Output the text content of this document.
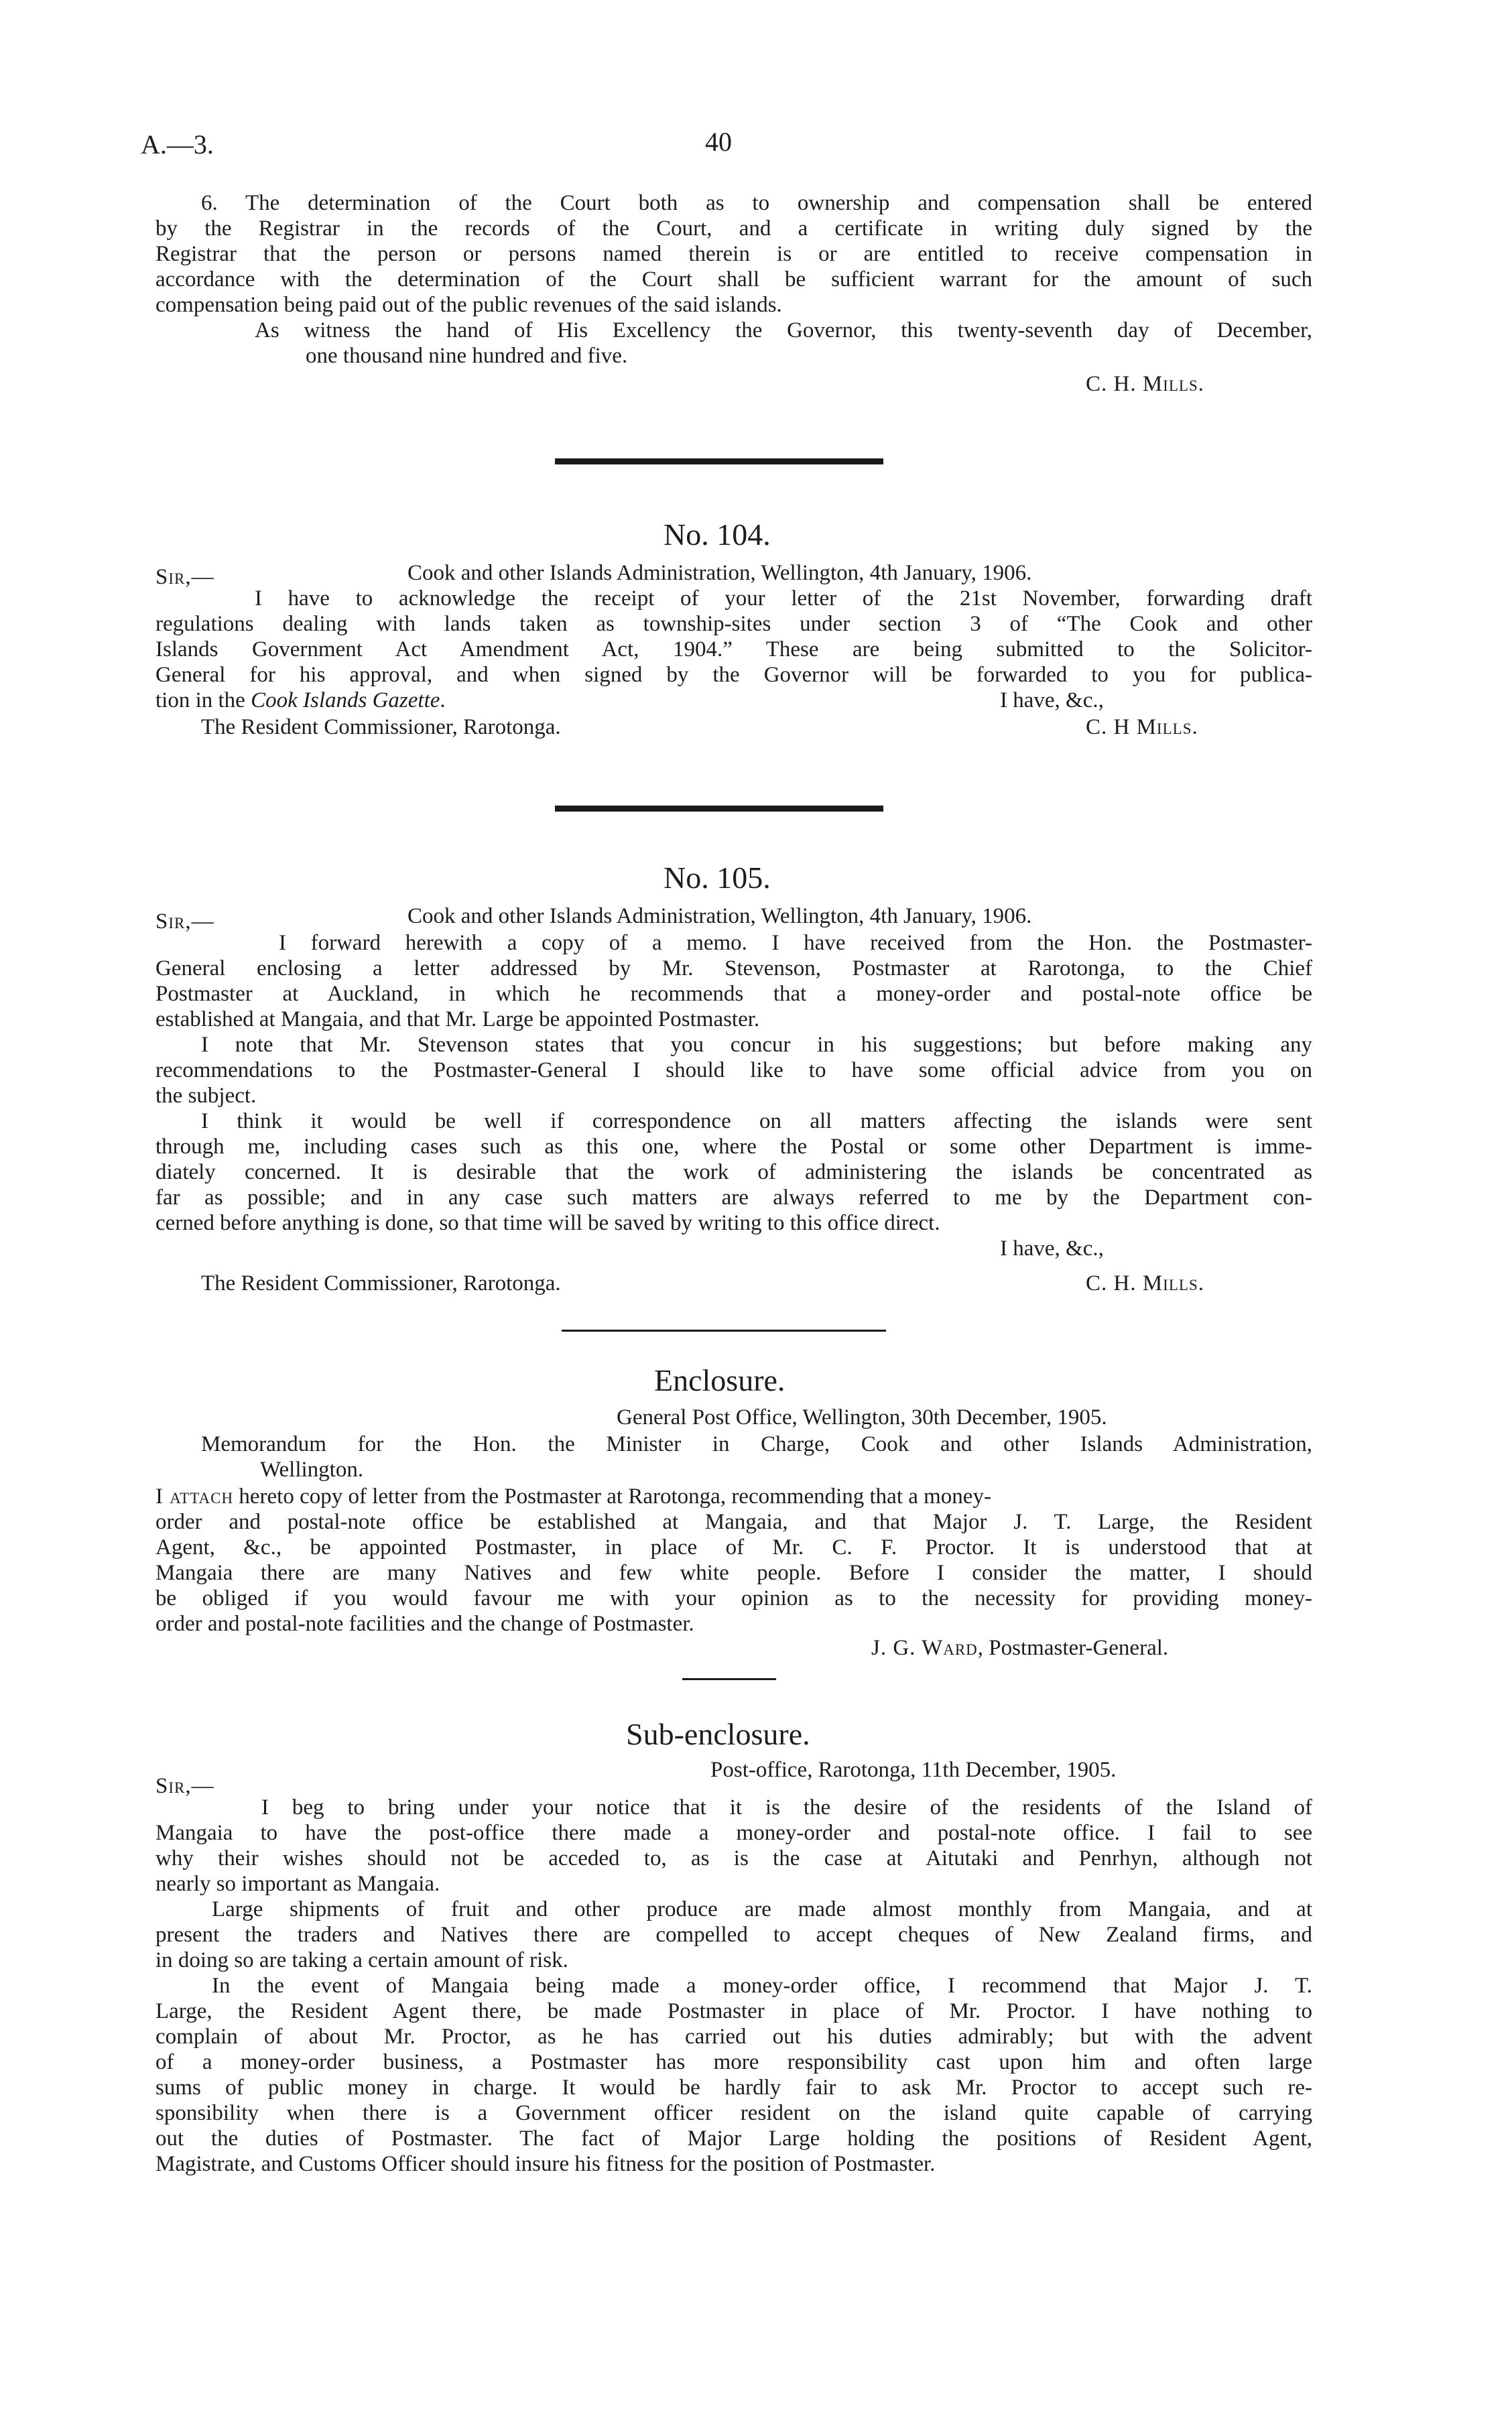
A.—3.	40
6. The determination of the Court both as to ownership and compensation shall be entered
by the Registrar in the records of the Court, and a certificate in writing duly signed by the
Registrar that the person or persons named therein is or are entitled to receive compensation in
accordance with the determination of the Court shall be sufficient warrant for the amount of such
compensation being paid out of the public revenues of the said islands.
As witness the hand of His Excellency the Governor, this twenty-seventh day of December,
one thousand nine hundred and five.
C. H. Mills.
No. 104.
Sir,—	Cook and other Islands Administration, Wellington, 4th January, 1906.
I have to acknowledge the receipt of your letter of the 21st November, forwarding draft
regulations dealing with lands taken as township-sites under section 3 of “The Cook and other
Islands Government Act Amendment Act, 1904.” These are being submitted to the Solicitor-
General for his approval, and when signed by the Governor will be forwarded to you for publica-
tion in the Cook Islands Gazette.	I have, &c.,
The Resident Commissioner, Rarotonga.	C. H Mills.
No. 105.
Sir,—	Cook and other Islands Administration, Wellington, 4th January, 1906.
I forward herewith a copy of a memo. I have received from the Hon. the Postmaster-
General enclosing a letter addressed by Mr. Stevenson, Postmaster at Rarotonga, to the Chief
Postmaster at Auckland, in which he recommends that a money-order and postal-note office be
established at Mangaia, and that Mr. Large be appointed Postmaster.
I note that Mr. Stevenson states that you concur in his suggestions; but before making any
recommendations to the Postmaster-General I should like to have some official advice from you on
the subject.
I think it would be well if correspondence on all matters affecting the islands were sent
through me, including cases such as this one, where the Postal or some other Department is imme-
diately concerned. It is desirable that the work of administering the islands be concentrated as
far as possible; and in any case such matters are always referred to me by the Department con-
cerned before anything is done, so that time will be saved by writing to this office direct.
I have, &c.,
The Resident Commissioner, Rarotonga.	C. H. Mills.
Enclosure.
General Post Office, Wellington, 30th December, 1905.
Memorandum for the Hon. the Minister in Charge, Cook and other Islands Administration,
Wellington.
I attach hereto copy of letter from the Postmaster at Rarotonga, recommending that a money-
order and postal-note office be established at Mangaia, and that Major J. T. Large, the Resident
Agent, &c., be appointed Postmaster, in place of Mr. C. F. Proctor. It is understood that at
Mangaia there are many Natives and few white people. Before I consider the matter, I should
be obliged if you would favour me with your opinion as to the necessity for providing money-
order and postal-note facilities and the change of Postmaster.
J. G. Ward, Postmaster-General.
Sub-enclosure.
Post-office, Rarotonga, 11th December, 1905.
Sir,—
I beg to bring under your notice that it is the desire of the residents of the Island of
Mangaia to have the post-office there made a money-order and postal-note office. I fail to see
why their wishes should not be acceded to, as is the case at Aitutaki and Penrhyn, although not
nearly so important as Mangaia.
Large shipments of fruit and other produce are made almost monthly from Mangaia, and at
present the traders and Natives there are compelled to accept cheques of New Zealand firms, and
in doing so are taking a certain amount of risk.
In the event of Mangaia being made a money-order office, I recommend that Major J. T.
Large, the Resident Agent there, be made Postmaster in place of Mr. Proctor. I have nothing to
complain of about Mr. Proctor, as he has carried out his duties admirably; but with the advent
of a money-order business, a Postmaster has more responsibility cast upon him and often large
sums of public money in charge. It would be hardly fair to ask Mr. Proctor to accept such re-
sponsibility when there is a Government officer resident on the island quite capable of carrying
out the duties of Postmaster. The fact of Major Large holding the positions of Resident Agent,
Magistrate, and Customs Officer should insure his fitness for the position of Postmaster.
